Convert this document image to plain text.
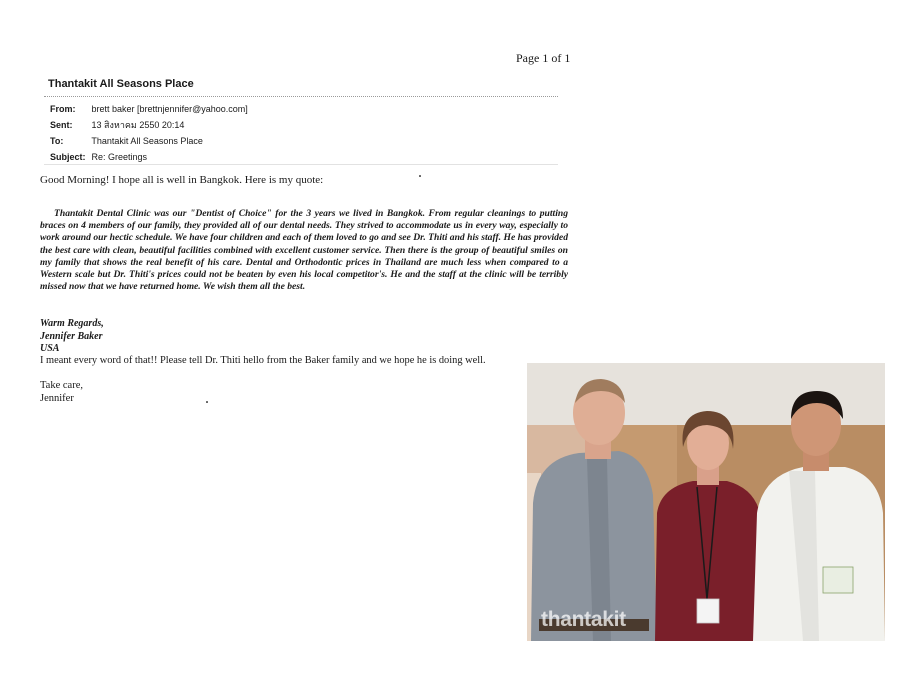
Page 1 of 1
Thantakit All Seasons Place
From: brett baker [brettnjennifer@yahoo.com]
Sent: 13 สิงหาคม 2550 20:14
To:	Thantakit All Seasons Place
Subject: Re: Greetings
Good Morning! I hope all is well in Bangkok. Here is my quote:

Thantakit Dental Clinic was our "Dentist of Choice" for the 3 years we lived in Bangkok. From regular cleanings to putting braces on 4 members of our family, they provided all of our dental needs. They strived to accommodate us in every way, especially to work around our hectic schedule. We have four children and each of them loved to go and see Dr. Thiti and his staff. He has provided the best care with clean, beautiful facilities combined with excellent customer service. Then there is the group of beautiful smiles on my family that shows the real benefit of his care. Dental and Orthodontic prices in Thailand are much less when compared to a Western scale but Dr. Thiti's prices could not be beaten by even his local competitor's. He and the staff at the clinic will be terribly missed now that we have returned home. We wish them all the best.

Warm Regards,
Jennifer Baker
USA
I meant every word of that!! Please tell Dr. Thiti hello from the Baker family and we hope he is doing well.
Take care,
Jennifer
thantakit
